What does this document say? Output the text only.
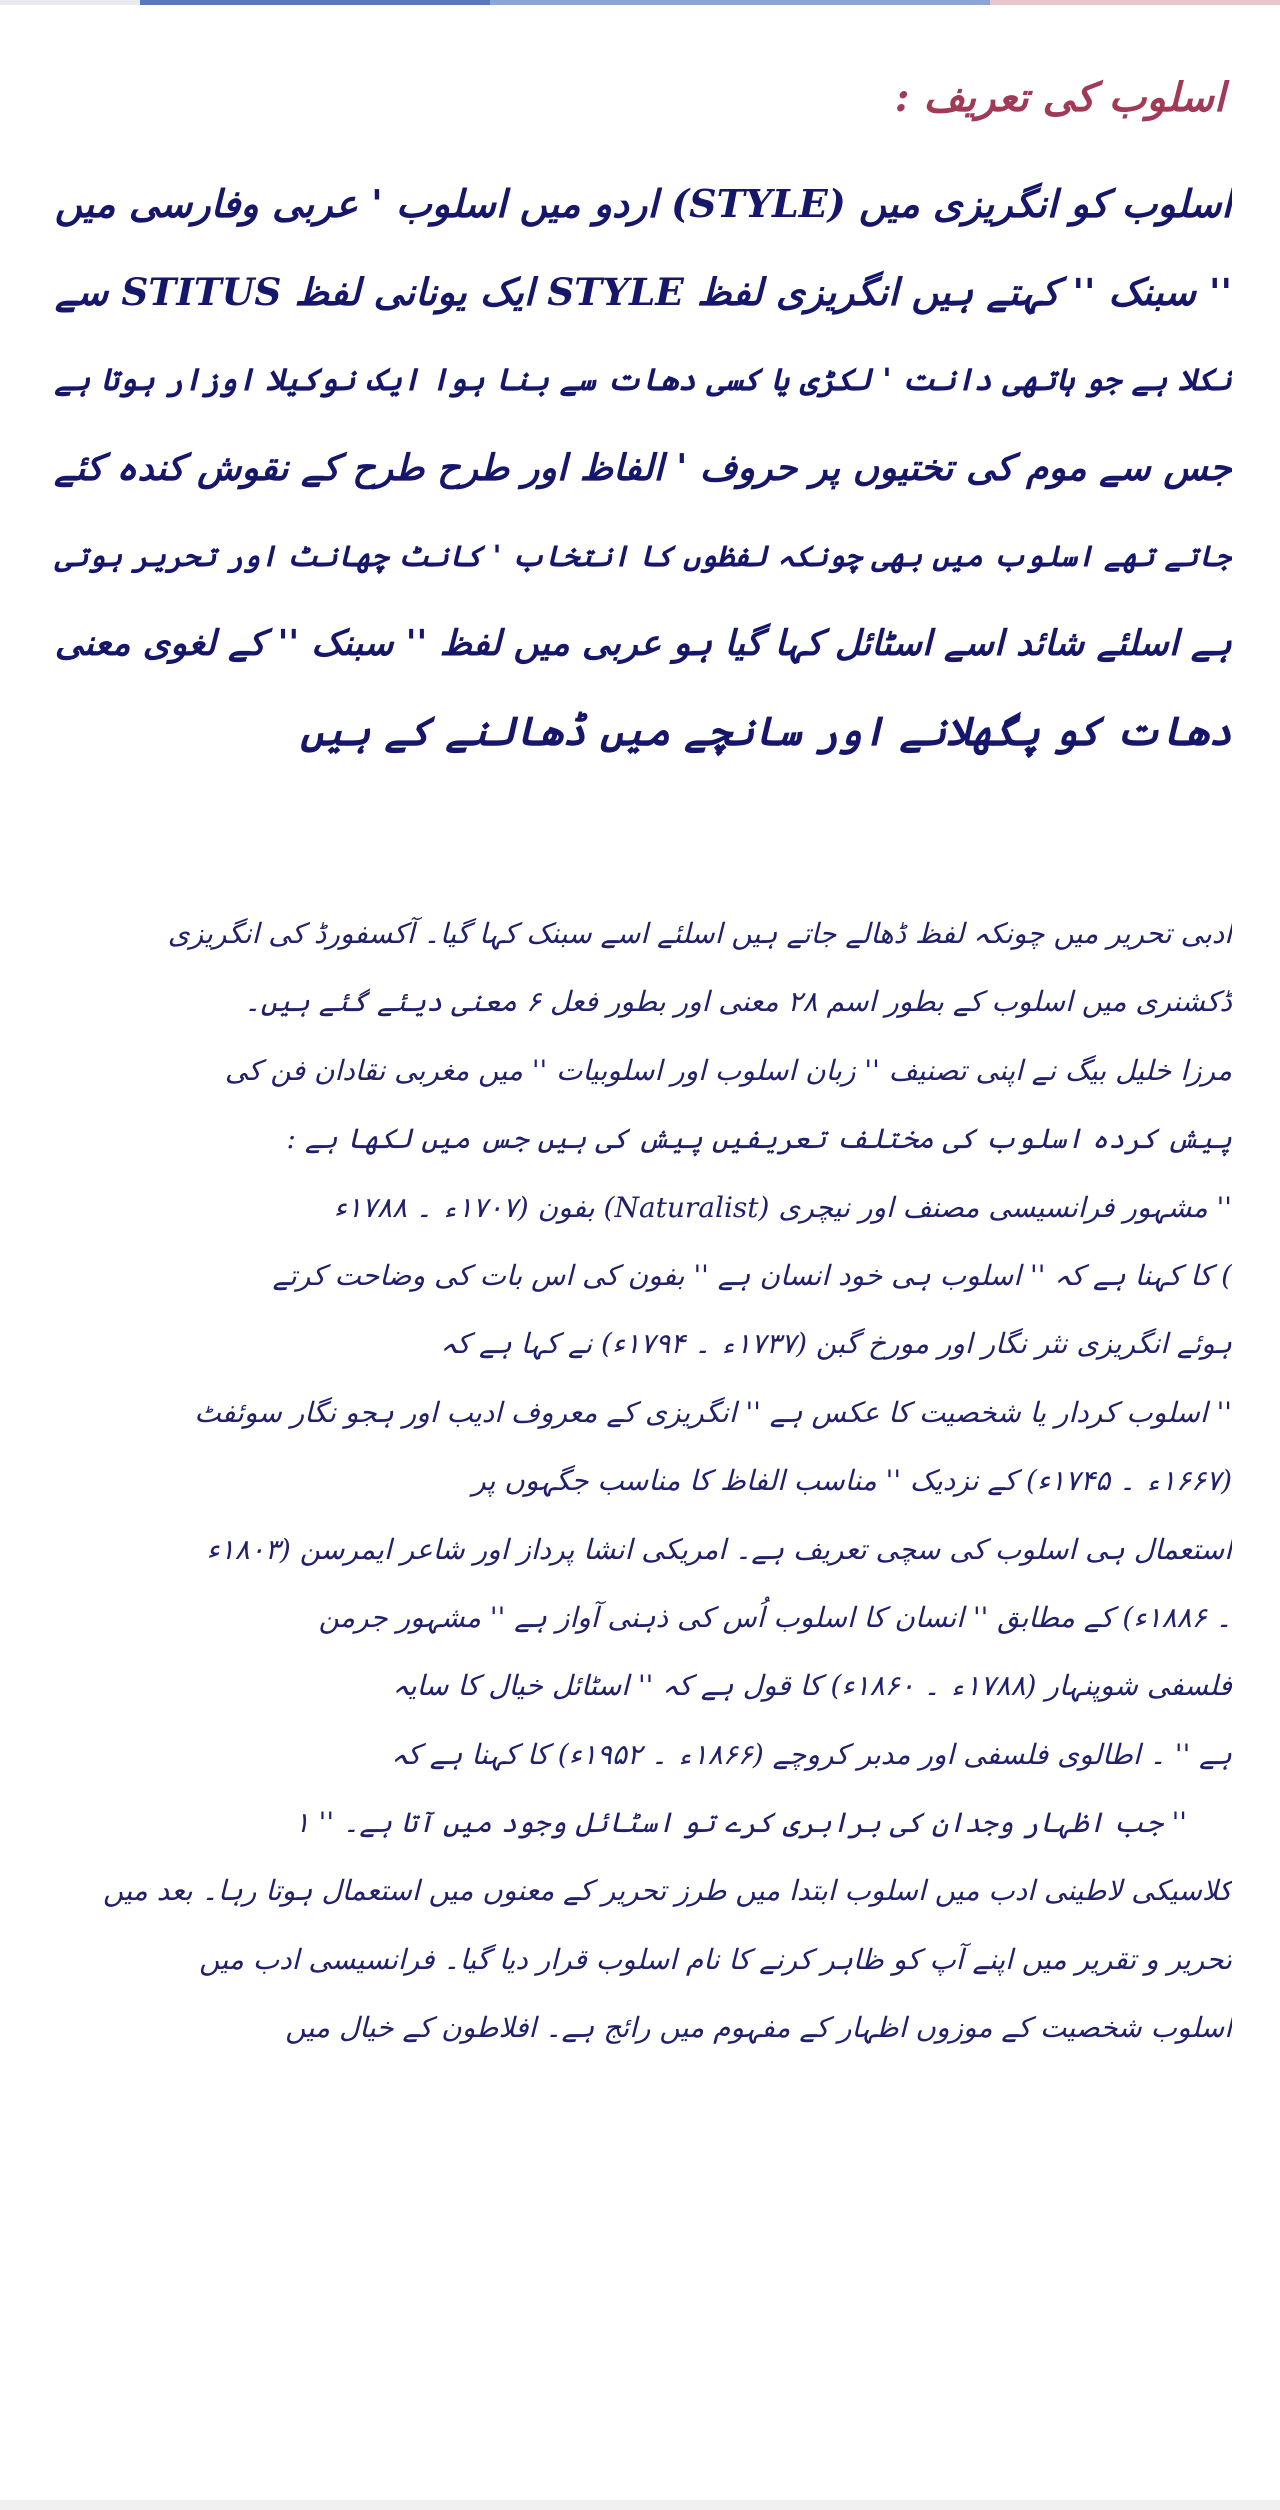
اسلوب کی تعریف:
اسلوب کو انگریزی میں (STYLE) اردو میں اسلوب ' عربی وفارسی میں
'' سبنک '' کہتے ہیں انگریزی لفظ STYLE ایک یونانی لفظ STITUS سے
نکلا ہے جو ہاتھی دانت ' لکڑی یا کسی دھات سے بنا ہوا ایک نوکیلا اوزار ہوتا ہے
جس سے موم کی تختیوں پر حروف ' الفاظ اور طرح طرح کے نقوش کندہ کئے
جاتے تھے اسلوب میں بھی چونکہ لفظوں کا انتخاب ' کانٹ چھانٹ اور تحریر ہوتی
ہے اسلئے شائد اسے اسٹائل کہا گیا ہو عربی میں لفظ '' سبنک '' کے لغوی معنی
دھات کو پگھلانے اور سانچے میں ڈھالنے کے ہیں
ادبی تحریر میں چونکہ لفظ ڈھالے جاتے ہیں اسلئے اسے سبنک کہا گیا۔ آکسفورڈ کی انگریزی
ڈکشنری میں اسلوب کے بطور اسم ۲۸ معنی اور بطور فعل ۶ معنی دیئے گئے ہیں۔
مرزا خلیل بیگ نے اپنی تصنیف '' زبان اسلوب اور اسلوبیات '' میں مغربی نقادان فن کی
پیش کردہ اسلوب کی مختلف تعریفیں پیش کی ہیں جس میں لکھا ہے :
'' مشہور فرانسیسی مصنف اور نیچری (Naturalist) بفون (۱۷۰۷ء ۔ ۱۷۸۸ء
) کا کہنا ہے کہ '' اسلوب ہی خود انسان ہے '' بفون کی اس بات کی وضاحت کرتے
ہوئے انگریزی نثر نگار اور مورخ گبن (۱۷۳۷ء ۔ ۱۷۹۴ء) نے کہا ہے کہ
'' اسلوب کردار یا شخصیت کا عکس ہے '' انگریزی کے معروف ادیب اور ہجو نگار سوئفٹ
(۱۶۶۷ء ۔ ۱۷۴۵ء) کے نزدیک '' مناسب الفاظ کا مناسب جگہوں پر
استعمال ہی اسلوب کی سچی تعریف ہے۔ امریکی انشا پرداز اور شاعر ایمرسن (۱۸۰۳ء
۔ ۱۸۸۶ء) کے مطابق '' انسان کا اسلوب اُس کی ذہنی آواز ہے '' مشہور جرمن
فلسفی شوپنہار (۱۷۸۸ء ۔ ۱۸۶۰ء) کا قول ہے کہ '' اسٹائل خیال کا سایہ
ہے '' ۔ اطالوی فلسفی اور مدبر کروچے (۱۸۶۶ء ۔ ۱۹۵۲ء) کا کہنا ہے کہ
'' جب اظہار وجدان کی برابری کرے تو اسٹائل وجود میں آتا ہے۔ '' ۱
کلاسیکی لاطینی ادب میں اسلوب ابتدا میں طرز تحریر کے معنوں میں استعمال ہوتا رہا۔ بعد میں
تحریر و تقریر میں اپنے آپ کو ظاہر کرنے کا نام اسلوب قرار دیا گیا۔ فرانسیسی ادب میں
اسلوب شخصیت کے موزوں اظہار کے مفہوم میں رائج ہے۔ افلاطون کے خیال میں
